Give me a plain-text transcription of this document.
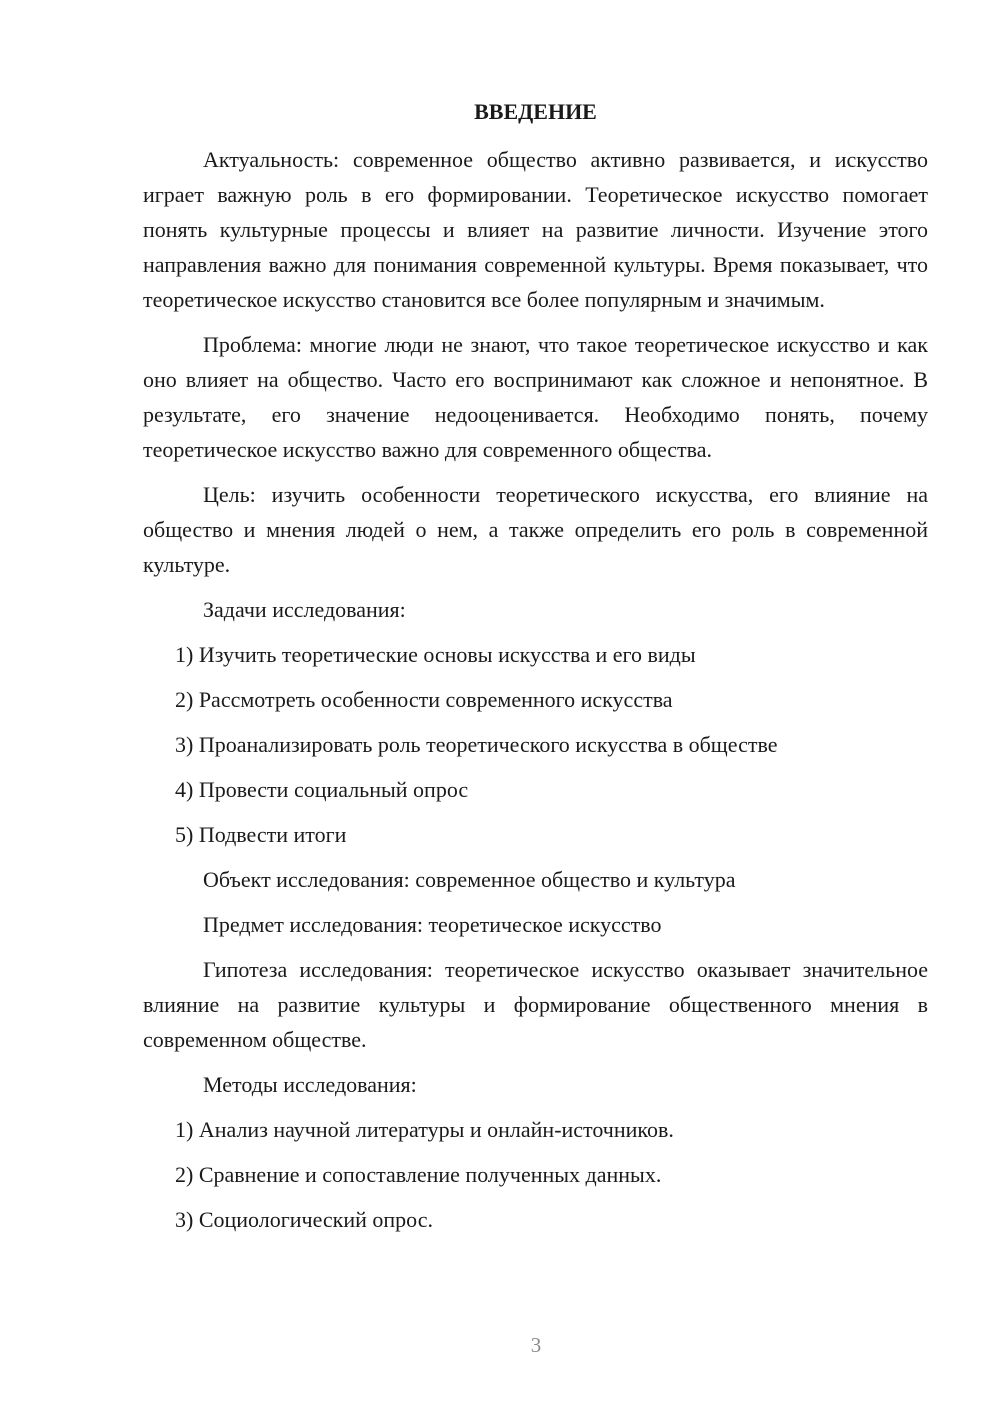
ВВЕДЕНИЕ

Актуальность: современное общество активно развивается, и искусство играет важную роль в его формировании. Теоретическое искусство помогает понять культурные процессы и влияет на развитие личности. Изучение этого направления важно для понимания современной культуры. Время показывает, что теоретическое искусство становится все более популярным и значимым.

Проблема: многие люди не знают, что такое теоретическое искусство и как оно влияет на общество. Часто его воспринимают как сложное и непонятное. В результате, его значение недооценивается. Необходимо понять, почему теоретическое искусство важно для современного общества.

Цель: изучить особенности теоретического искусства, его влияние на общество и мнения людей о нем, а также определить его роль в современной культуре.

Задачи исследования:
1) Изучить теоретические основы искусства и его виды
2) Рассмотреть особенности современного искусства
3) Проанализировать роль теоретического искусства в обществе
4) Провести социальный опрос
5) Подвести итоги
Объект исследования: современное общество и культура
Предмет исследования: теоретическое искусство

Гипотеза исследования: теоретическое искусство оказывает значительное влияние на развитие культуры и формирование общественного мнения в современном обществе.

Методы исследования:
1) Анализ научной литературы и онлайн-источников.
2) Сравнение и сопоставление полученных данных.
3) Социологический опрос.
3
